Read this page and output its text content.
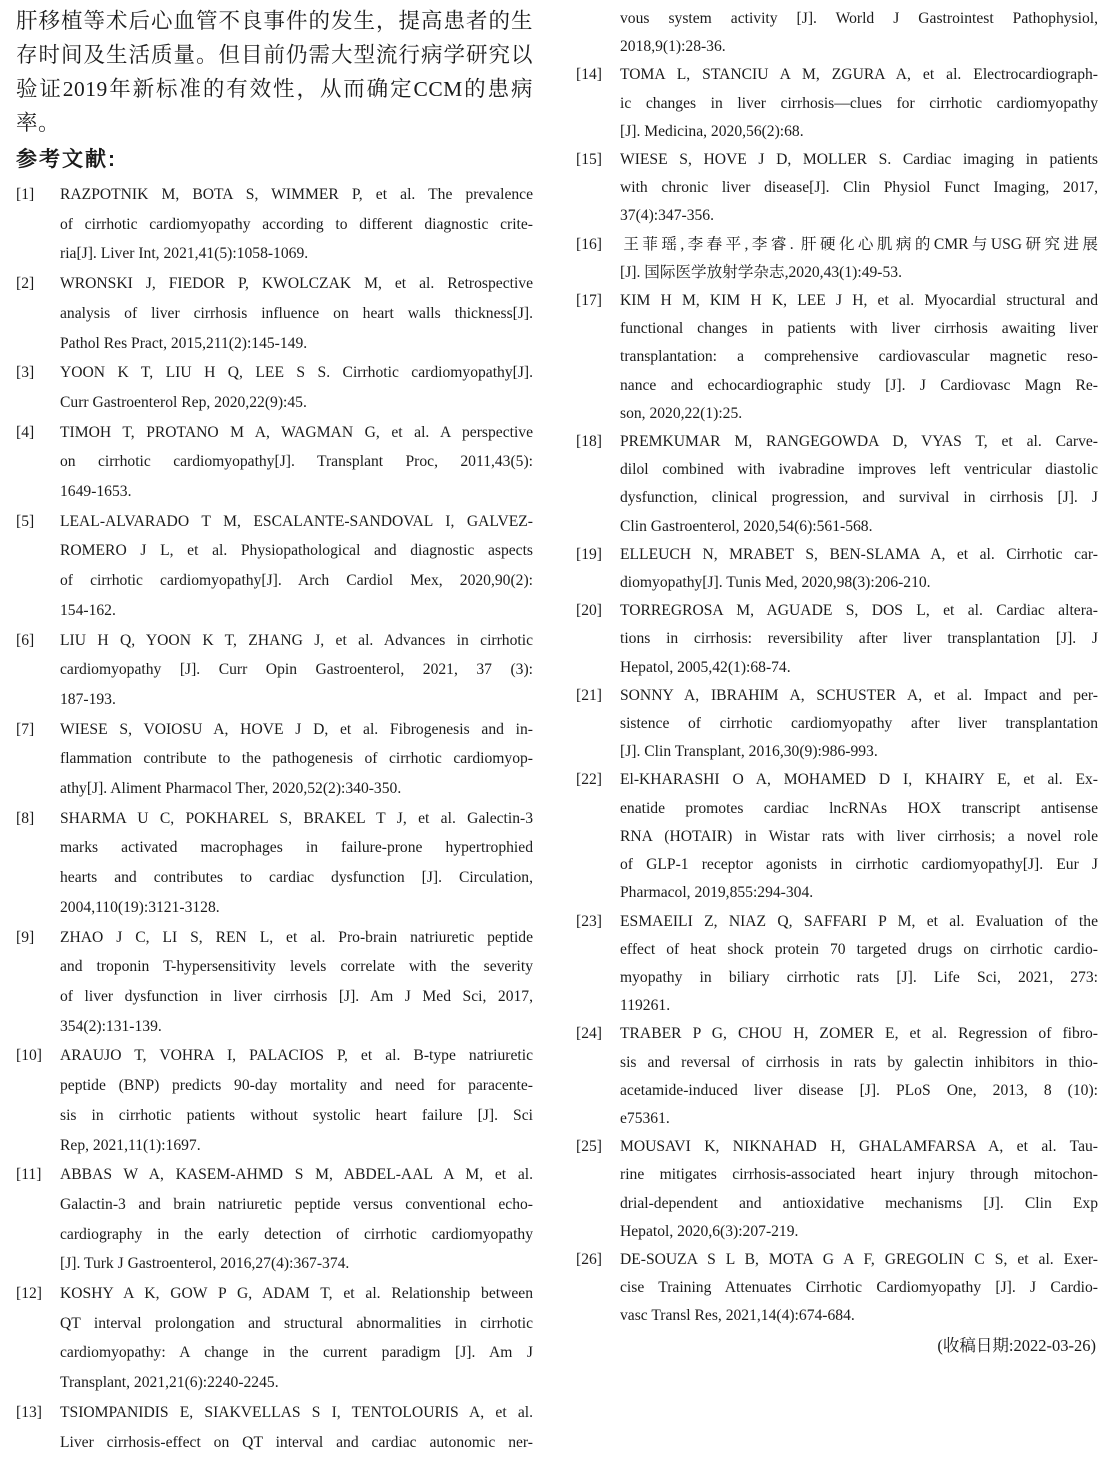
肝移植等术后心血管不良事件的发生，提高患者的生存时间及生活质量。但目前仍需大型流行病学研究以验证2019年新标准的有效性，从而确定CCM的患病率。

参考文献:
[1] RAZPOTNIK M, BOTA S, WIMMER P, et al. The prevalence
of cirrhotic cardiomyopathy according to different diagnostic crite-
ria[J]. Liver Int, 2021,41(5):1058-1069.
[2] WRONSKI J, FIEDOR P, KWOLCZAK M, et al. Retrospective
analysis of liver cirrhosis influence on heart walls thickness[J].
Pathol Res Pract, 2015,211(2):145-149.
[3] YOON K T, LIU H Q, LEE S S. Cirrhotic cardiomyopathy[J].
Curr Gastroenterol Rep, 2020,22(9):45.
[4] TIMOH T, PROTANO M A, WAGMAN G, et al. A perspective
on cirrhotic cardiomyopathy[J]. Transplant Proc, 2011,43(5):
1649-1653.
[5] LEAL-ALVARADO T M, ESCALANTE-SANDOVAL I, GALVEZ-
ROMERO J L, et al. Physiopathological and diagnostic aspects
of cirrhotic cardiomyopathy[J]. Arch Cardiol Mex, 2020,90(2):
154-162.
[6] LIU H Q, YOON K T, ZHANG J, et al. Advances in cirrhotic
cardiomyopathy [J]. Curr Opin Gastroenterol, 2021, 37 (3):
187-193.
[7] WIESE S, VOIOSU A, HOVE J D, et al. Fibrogenesis and in-
flammation contribute to the pathogenesis of cirrhotic cardiomyop-
athy[J]. Aliment Pharmacol Ther, 2020,52(2):340-350.
[8] SHARMA U C, POKHAREL S, BRAKEL T J, et al. Galectin-3
marks activated macrophages in failure-prone hypertrophied
hearts and contributes to cardiac dysfunction [J]. Circulation,
2004,110(19):3121-3128.
[9] ZHAO J C, LI S, REN L, et al. Pro-brain natriuretic peptide
and troponin T-hypersensitivity levels correlate with the severity
of liver dysfunction in liver cirrhosis [J]. Am J Med Sci, 2017,
354(2):131-139.
[10] ARAUJO T, VOHRA I, PALACIOS P, et al. B-type natriuretic
peptide (BNP) predicts 90-day mortality and need for paracente-
sis in cirrhotic patients without systolic heart failure [J]. Sci
Rep, 2021,11(1):1697.
[11] ABBAS W A, KASEM-AHMD S M, ABDEL-AAL A M, et al.
Galactin-3 and brain natriuretic peptide versus conventional echo-
cardiography in the early detection of cirrhotic cardiomyopathy
[J]. Turk J Gastroenterol, 2016,27(4):367-374.
[12] KOSHY A K, GOW P G, ADAM T, et al. Relationship between
QT interval prolongation and structural abnormalities in cirrhotic
cardiomyopathy: A change in the current paradigm [J]. Am J
Transplant, 2021,21(6):2240-2245.
[13] TSIOMPANIDIS E, SIAKVELLAS S I, TENTOLOURIS A, et al.
Liver cirrhosis-effect on QT interval and cardiac autonomic ner-
vous system activity [J]. World J Gastrointest Pathophysiol,
2018,9(1):28-36.
[14] TOMA L, STANCIU A M, ZGURA A, et al. Electrocardiograph-
ic changes in liver cirrhosis—clues for cirrhotic cardiomyopathy
[J]. Medicina, 2020,56(2):68.
[15] WIESE S, HOVE J D, MOLLER S. Cardiac imaging in patients
with chronic liver disease[J]. Clin Physiol Funct Imaging, 2017,
37(4):347-356.
[16] 王菲瑶,李春平,李睿. 肝硬化心肌病的CMR与USG研究进展
[J]. 国际医学放射学杂志,2020,43(1):49-53.
[17] KIM H M, KIM H K, LEE J H, et al. Myocardial structural and
functional changes in patients with liver cirrhosis awaiting liver
transplantation: a comprehensive cardiovascular magnetic reso-
nance and echocardiographic study [J]. J Cardiovasc Magn Re-
son, 2020,22(1):25.
[18] PREMKUMAR M, RANGEGOWDA D, VYAS T, et al. Carve-
dilol combined with ivabradine improves left ventricular diastolic
dysfunction, clinical progression, and survival in cirrhosis [J]. J
Clin Gastroenterol, 2020,54(6):561-568.
[19] ELLEUCH N, MRABET S, BEN-SLAMA A, et al. Cirrhotic car-
diomyopathy[J]. Tunis Med, 2020,98(3):206-210.
[20] TORREGROSA M, AGUADE S, DOS L, et al. Cardiac altera-
tions in cirrhosis: reversibility after liver transplantation [J]. J
Hepatol, 2005,42(1):68-74.
[21] SONNY A, IBRAHIM A, SCHUSTER A, et al. Impact and per-
sistence of cirrhotic cardiomyopathy after liver transplantation
[J]. Clin Transplant, 2016,30(9):986-993.
[22] El-KHARASHI O A, MOHAMED D I, KHAIRY E, et al. Ex-
enatide promotes cardiac lncRNAs HOX transcript antisense
RNA (HOTAIR) in Wistar rats with liver cirrhosis; a novel role
of GLP-1 receptor agonists in cirrhotic cardiomyopathy[J]. Eur J
Pharmacol, 2019,855:294-304.
[23] ESMAEILI Z, NIAZ Q, SAFFARI P M, et al. Evaluation of the
effect of heat shock protein 70 targeted drugs on cirrhotic cardio-
myopathy in biliary cirrhotic rats [J]. Life Sci, 2021, 273:
119261.
[24] TRABER P G, CHOU H, ZOMER E, et al. Regression of fibro-
sis and reversal of cirrhosis in rats by galectin inhibitors in thio-
acetamide-induced liver disease [J]. PLoS One, 2013, 8 (10):
e75361.
[25] MOUSAVI K, NIKNAHAD H, GHALAMFARSA A, et al. Tau-
rine mitigates cirrhosis-associated heart injury through mitochon-
drial-dependent and antioxidative mechanisms [J]. Clin Exp
Hepatol, 2020,6(3):207-219.
[26] DE-SOUZA S L B, MOTA G A F, GREGOLIN C S, et al. Exer-
cise Training Attenuates Cirrhotic Cardiomyopathy [J]. J Cardio-
vasc Transl Res, 2021,14(4):674-684.

(收稿日期:2022-03-26)
